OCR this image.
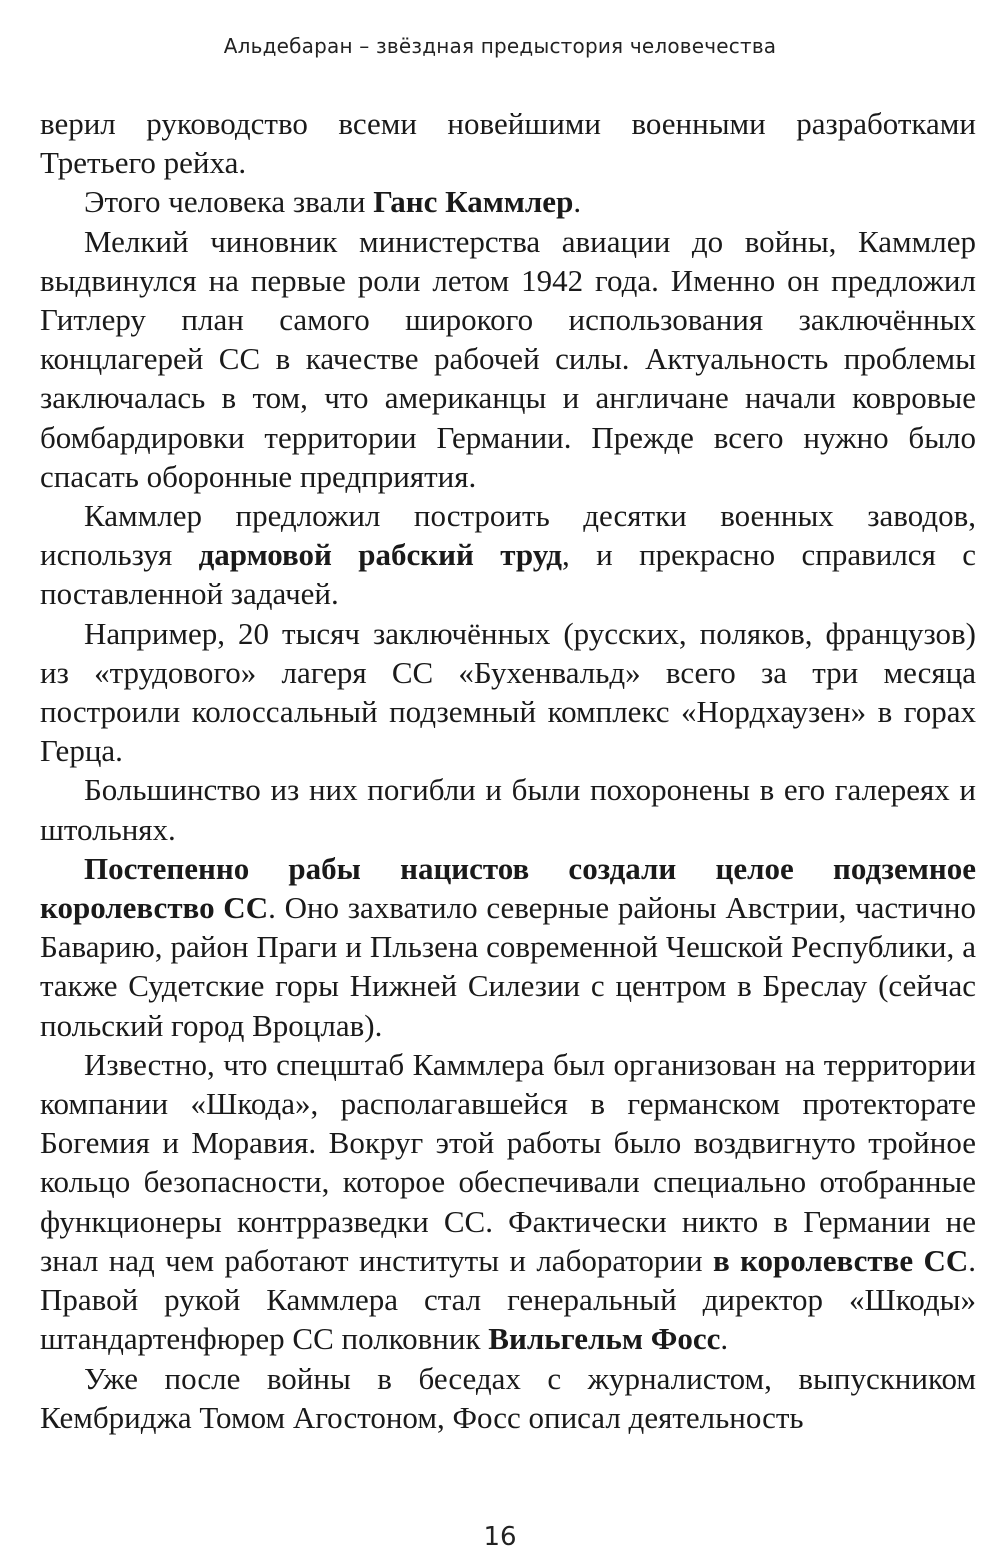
Альдебаран – звёздная предыстория человечества

верил руководство всеми новейшими военными разработками Третьего рейха.

Этого человека звали Ганс Каммлер.

Мелкий чиновник министерства авиации до войны, Каммлер выдвинулся на первые роли летом 1942 года. Именно он предложил Гитлеру план самого широкого использования заключённых концлагерей СС в качестве рабочей силы. Актуальность проблемы заключалась в том, что американцы и англичане начали ковровые бомбардировки территории Германии. Прежде всего нужно было спасать оборонные предприятия.

Каммлер предложил построить десятки военных заводов, используя дармовой рабский труд, и прекрасно справился с поставленной задачей.

Например, 20 тысяч заключённых (русских, поляков, французов) из «трудового» лагеря СС «Бухенвальд» всего за три месяца построили колоссальный подземный комплекс «Нордхаузен» в горах Герца.

Большинство из них погибли и были похоронены в его галереях и штольнях.

Постепенно рабы нацистов создали целое подземное королевство СС. Оно захватило северные районы Австрии, частично Баварию, район Праги и Пльзена современной Чешской Республики, а также Судетские горы Нижней Силезии с центром в Бреслау (сейчас польский город Вроцлав).

Известно, что спецштаб Каммлера был организован на территории компании «Шкода», располагавшейся в германском протекторате Богемия и Моравия. Вокруг этой работы было воздвигнуто тройное кольцо безопасности, которое обеспечивали специально отобранные функционеры контрразведки СС. Фактически никто в Германии не знал над чем работают институты и лаборатории в королевстве СС. Правой рукой Каммлера стал генеральный директор «Шкоды» штандартенфюрер СС полковник Вильгельм Фосс.

Уже после войны в беседах с журналистом, выпускником Кембриджа Томом Агостоном, Фосс описал деятельность

16
